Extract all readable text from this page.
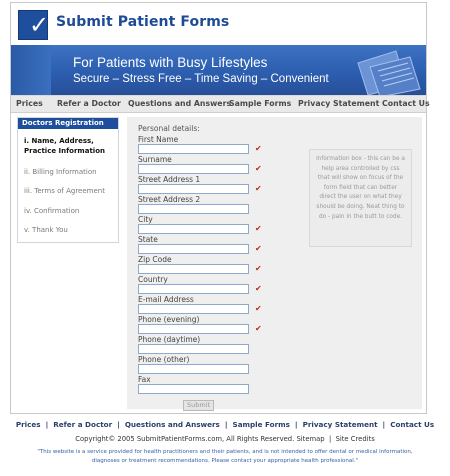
✓ Submit Patient Forms
For Patients with Busy Lifestyles
Secure – Stress Free – Time Saving – Convenient
Prices Refer a Doctor Questions and Answers
Sample Forms Privacy Statement Contact Us
Doctors Registration
i. Name, Address, Practice Information
ii. Billing Information
iii. Terms of Agreement
iv. Confirmation
v. Thank You
Personal details:
First Name
✔
Surname
✔
Street Address 1
✔
Street Address 2
City
✔
State
✔
Zip Code
✔
Country
✔
E-mail Address
✔
Phone (evening)
✔
Phone (daytime)
Phone (other)
Fax
Submit
information box - this can be a help area controlled by css that will show on focus of the form field that can better direct the user on what they should be doing. Neat thing to do - pain in the butt to code.
Prices | Refer a Doctor | Questions and Answers | Sample Forms | Privacy Statement | Contact Us
Copyright© 2005 SubmitPatientForms.com, All Rights Reserved. Sitemap | Site Credits
"This website is a service provided for health practitioners and their patients, and is not intended to offer dental or medical information, diagnoses or treatment recommendations. Please contact your appropriate health professional."
